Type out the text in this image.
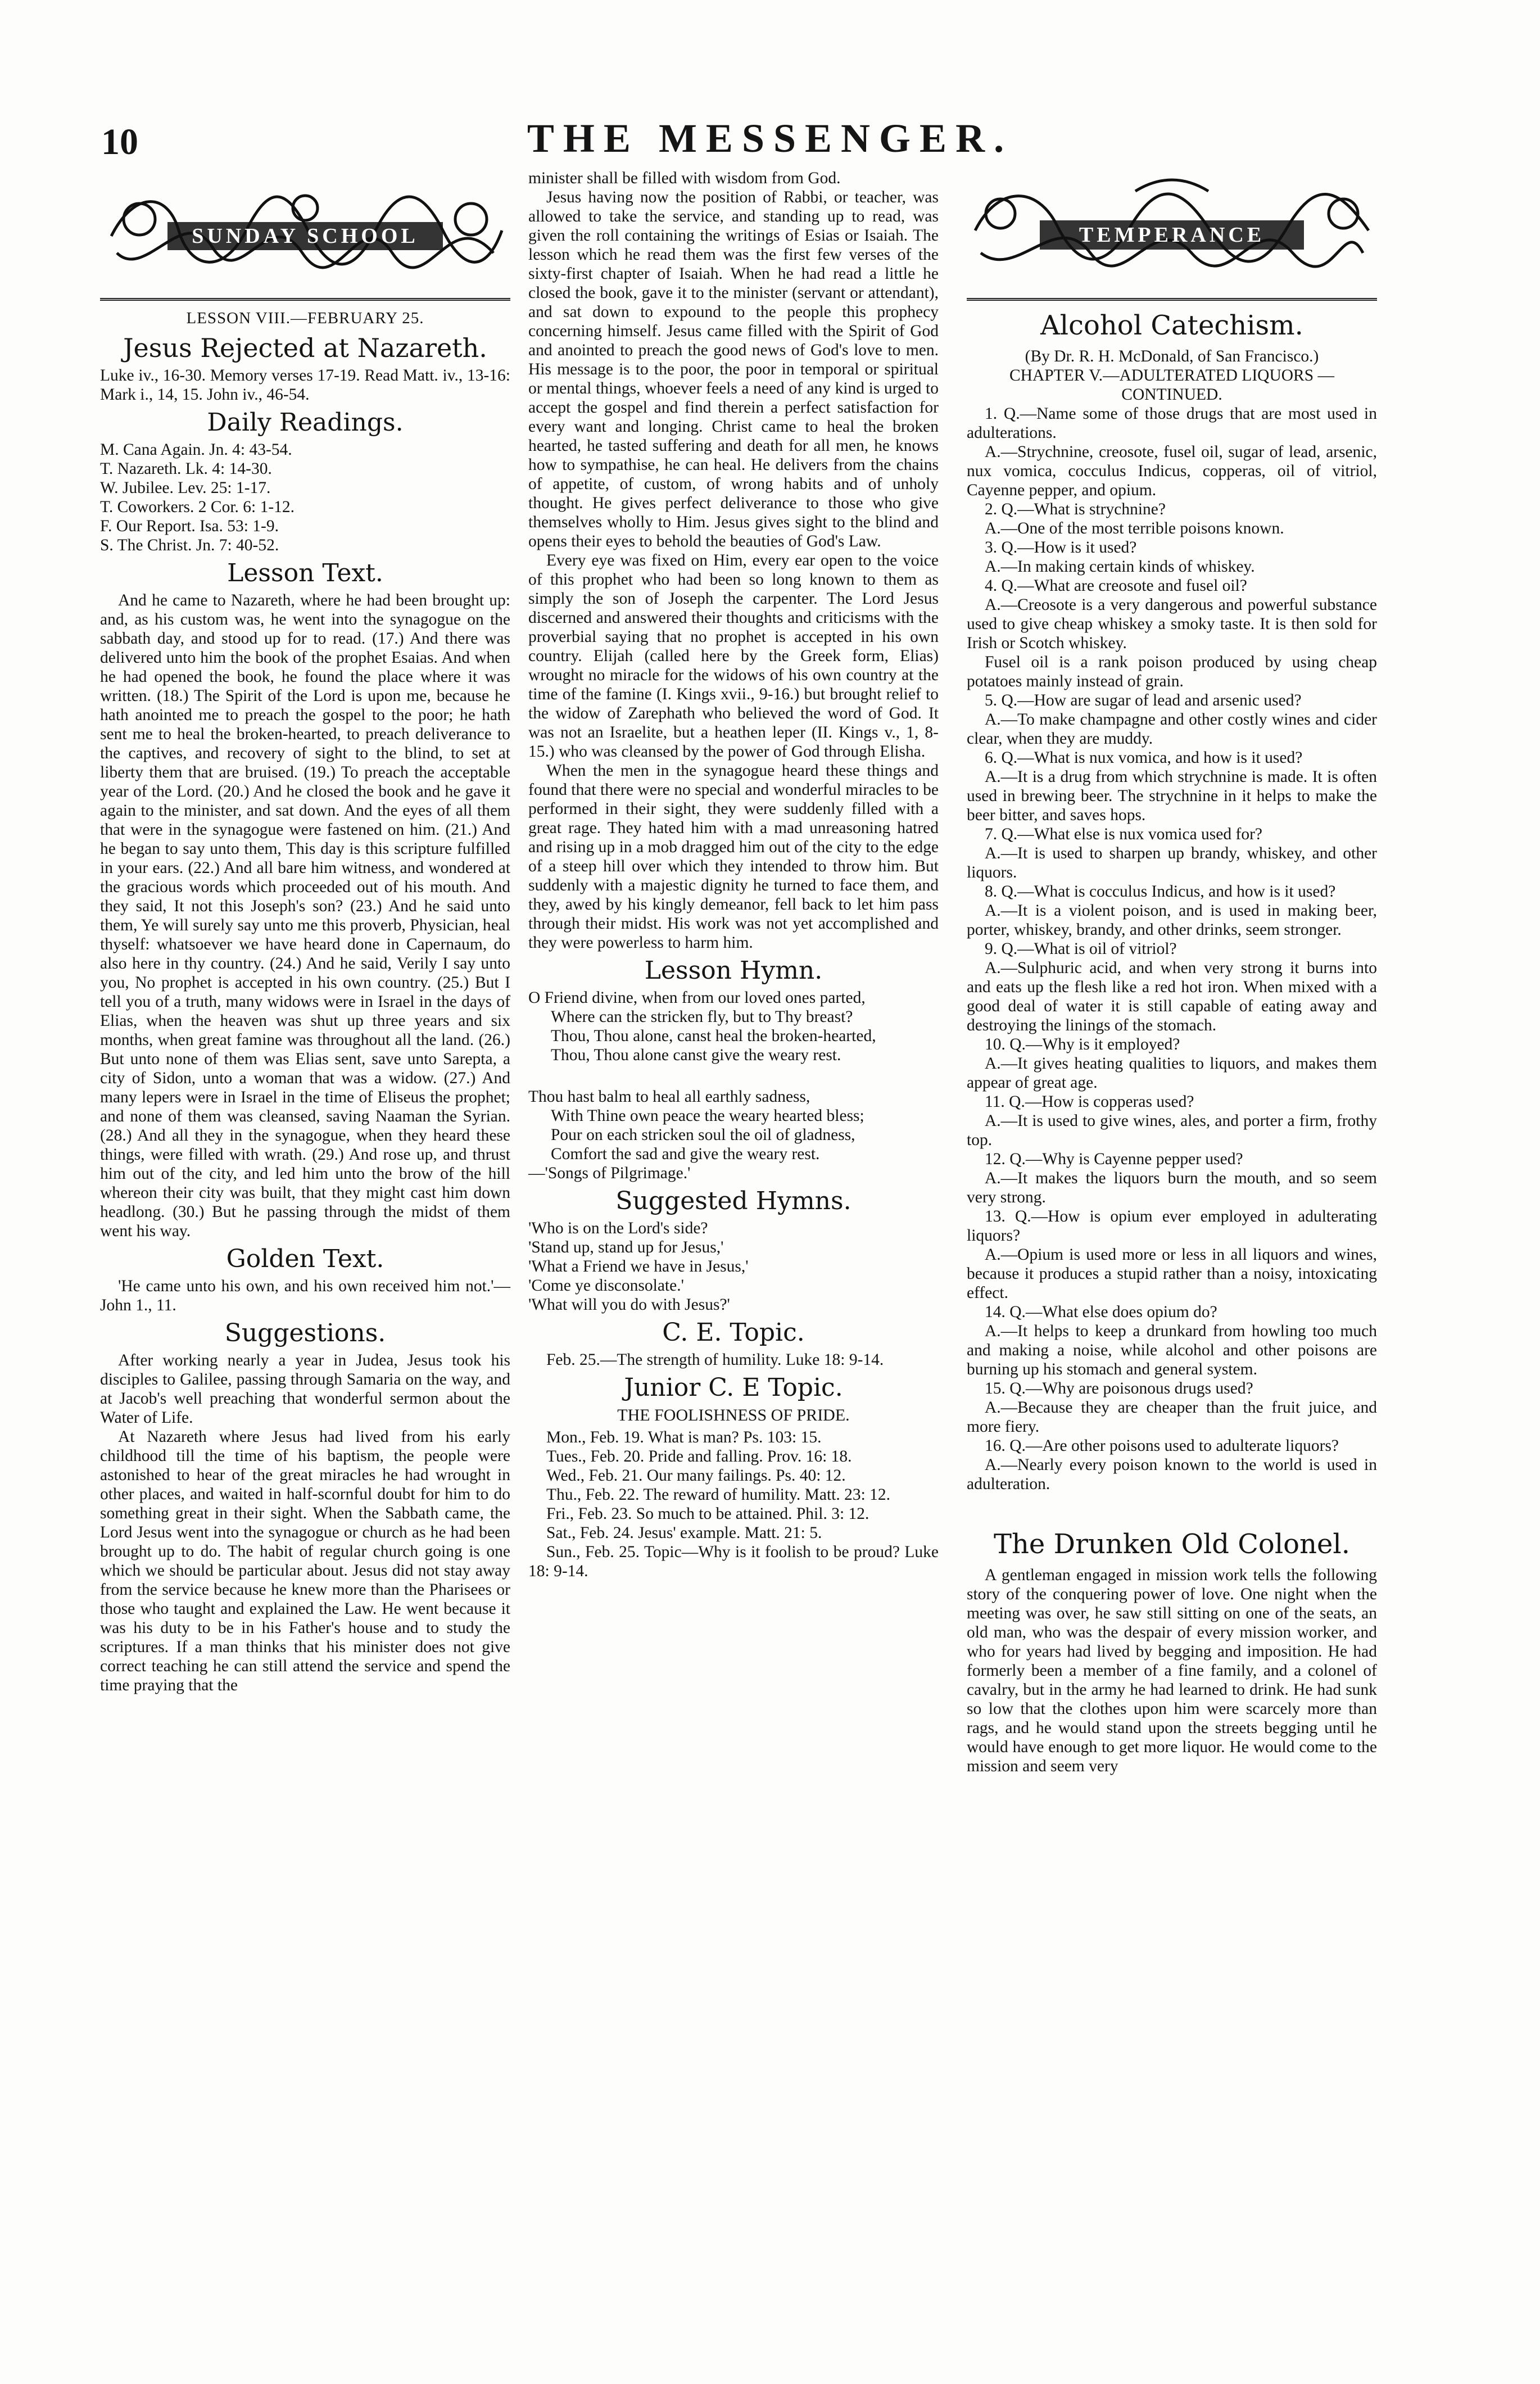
10	THE MESSENGER.
SUNDAY SCHOOL
LESSON VIII.—FEBRUARY 25.
Jesus Rejected at Nazareth.

Luke iv., 16-30. Memory verses 17-19. Read Matt. iv., 13-16: Mark i., 14, 15. John iv., 46-54.

Daily Readings.
M. Cana Again. Jn. 4: 43-54.
T. Nazareth. Lk. 4: 14-30.
W. Jubilee. Lev. 25: 1-17.
T. Coworkers. 2 Cor. 6: 1-12.
F. Our Report. Isa. 53: 1-9.
S. The Christ. Jn. 7: 40-52.
Lesson Text.

And he came to Nazareth, where he had been brought up: and, as his custom was, he went into the synagogue on the sabbath day, and stood up for to read. (17.) And there was delivered unto him the book of the prophet Esaias. And when he had opened the book, he found the place where it was written. (18.) The Spirit of the Lord is upon me, because he hath anointed me to preach the gospel to the poor; he hath sent me to heal the broken-hearted, to preach deliverance to the captives, and recovery of sight to the blind, to set at liberty them that are bruised. (19.) To preach the acceptable year of the Lord. (20.) And he closed the book and he gave it again to the minister, and sat down. And the eyes of all them that were in the synagogue were fastened on him. (21.) And he began to say unto them, This day is this scripture fulfilled in your ears. (22.) And all bare him witness, and wondered at the gracious words which proceeded out of his mouth. And they said, It not this Joseph's son? (23.) And he said unto them, Ye will surely say unto me this proverb, Physician, heal thyself: whatsoever we have heard done in Capernaum, do also here in thy country. (24.) And he said, Verily I say unto you, No prophet is accepted in his own country. (25.) But I tell you of a truth, many widows were in Israel in the days of Elias, when the heaven was shut up three years and six months, when great famine was throughout all the land. (26.) But unto none of them was Elias sent, save unto Sarepta, a city of Sidon, unto a woman that was a widow. (27.) And many lepers were in Israel in the time of Eliseus the prophet; and none of them was cleansed, saving Naaman the Syrian. (28.) And all they in the synagogue, when they heard these things, were filled with wrath. (29.) And rose up, and thrust him out of the city, and led him unto the brow of the hill whereon their city was built, that they might cast him down headlong. (30.) But he passing through the midst of them went his way.

Golden Text.

'He came unto his own, and his own received him not.'—John 1., 11.

Suggestions.

After working nearly a year in Judea, Jesus took his disciples to Galilee, passing through Samaria on the way, and at Jacob's well preaching that wonderful sermon about the Water of Life.

At Nazareth where Jesus had lived from his early childhood till the time of his baptism, the people were astonished to hear of the great miracles he had wrought in other places, and waited in half-scornful doubt for him to do something great in their sight. When the Sabbath came, the Lord Jesus went into the synagogue or church as he had been brought up to do. The habit of regular church going is one which we should be particular about. Jesus did not stay away from the service because he knew more than the Pharisees or those who taught and explained the Law. He went because it was his duty to be in his Father's house and to study the scriptures. If a man thinks that his minister does not give correct teaching he can still attend the service and spend the time praying that the

minister shall be filled with wisdom from God.

Jesus having now the position of Rabbi, or teacher, was allowed to take the service, and standing up to read, was given the roll containing the writings of Esias or Isaiah. The lesson which he read them was the first few verses of the sixty-first chapter of Isaiah. When he had read a little he closed the book, gave it to the minister (servant or attendant), and sat down to expound to the people this prophecy concerning himself. Jesus came filled with the Spirit of God and anointed to preach the good news of God's love to men. His message is to the poor, the poor in temporal or spiritual or mental things, whoever feels a need of any kind is urged to accept the gospel and find therein a perfect satisfaction for every want and longing. Christ came to heal the broken hearted, he tasted suffering and death for all men, he knows how to sympathise, he can heal. He delivers from the chains of appetite, of custom, of wrong habits and of unholy thought. He gives perfect deliverance to those who give themselves wholly to Him. Jesus gives sight to the blind and opens their eyes to behold the beauties of God's Law.

Every eye was fixed on Him, every ear open to the voice of this prophet who had been so long known to them as simply the son of Joseph the carpenter. The Lord Jesus discerned and answered their thoughts and criticisms with the proverbial saying that no prophet is accepted in his own country. Elijah (called here by the Greek form, Elias) wrought no miracle for the widows of his own country at the time of the famine (I. Kings xvii., 9-16.) but brought relief to the widow of Zarephath who believed the word of God. It was not an Israelite, but a heathen leper (II. Kings v., 1, 8-15.) who was cleansed by the power of God through Elisha.

When the men in the synagogue heard these things and found that there were no special and wonderful miracles to be performed in their sight, they were suddenly filled with a great rage. They hated him with a mad unreasoning hatred and rising up in a mob dragged him out of the city to the edge of a steep hill over which they intended to throw him. But suddenly with a majestic dignity he turned to face them, and they, awed by his kingly demeanor, fell back to let him pass through their midst. His work was not yet accomplished and they were powerless to harm him.

Lesson Hymn.

O Friend divine, when from our loved ones parted,

Where can the stricken fly, but to Thy breast?

Thou, Thou alone, canst heal the broken-hearted,

Thou, Thou alone canst give the weary rest.

Thou hast balm to heal all earthly sadness,

With Thine own peace the weary hearted bless;

Pour on each stricken soul the oil of gladness,

Comfort the sad and give the weary rest.

—'Songs of Pilgrimage.'

Suggested Hymns.

'Who is on the Lord's side?

'Stand up, stand up for Jesus,'

'What a Friend we have in Jesus,'

'Come ye disconsolate.'

'What will you do with Jesus?'

C. E. Topic.

Feb. 25.—The strength of humility. Luke 18: 9-14.

Junior C. E Topic.
THE FOOLISHNESS OF PRIDE.

Mon., Feb. 19. What is man? Ps. 103: 15.

Tues., Feb. 20. Pride and falling. Prov. 16: 18.

Wed., Feb. 21. Our many failings. Ps. 40: 12.

Thu., Feb. 22. The reward of humility. Matt. 23: 12.

Fri., Feb. 23. So much to be attained. Phil. 3: 12.

Sat., Feb. 24. Jesus' example. Matt. 21: 5.

Sun., Feb. 25. Topic—Why is it foolish to be proud? Luke 18: 9-14.

TEMPERANCE
Alcohol Catechism.

(By Dr. R. H. McDonald, of San Francisco.)

CHAPTER V.—ADULTERATED LIQUORS —CONTINUED.

1. Q.—Name some of those drugs that are most used in adulterations.

A.—Strychnine, creosote, fusel oil, sugar of lead, arsenic, nux vomica, cocculus Indicus, copperas, oil of vitriol, Cayenne pepper, and opium.

2. Q.—What is strychnine?

A.—One of the most terrible poisons known.

3. Q.—How is it used?

A.—In making certain kinds of whiskey.

4. Q.—What are creosote and fusel oil?

A.—Creosote is a very dangerous and powerful substance used to give cheap whiskey a smoky taste. It is then sold for Irish or Scotch whiskey.

Fusel oil is a rank poison produced by using cheap potatoes mainly instead of grain.

5. Q.—How are sugar of lead and arsenic used?

A.—To make champagne and other costly wines and cider clear, when they are muddy.

6. Q.—What is nux vomica, and how is it used?

A.—It is a drug from which strychnine is made. It is often used in brewing beer. The strychnine in it helps to make the beer bitter, and saves hops.

7. Q.—What else is nux vomica used for?

A.—It is used to sharpen up brandy, whiskey, and other liquors.

8. Q.—What is cocculus Indicus, and how is it used?

A.—It is a violent poison, and is used in making beer, porter, whiskey, brandy, and other drinks, seem stronger.

9. Q.—What is oil of vitriol?

A.—Sulphuric acid, and when very strong it burns into and eats up the flesh like a red hot iron. When mixed with a good deal of water it is still capable of eating away and destroying the linings of the stomach.

10. Q.—Why is it employed?

A.—It gives heating qualities to liquors, and makes them appear of great age.

11. Q.—How is copperas used?

A.—It is used to give wines, ales, and porter a firm, frothy top.

12. Q.—Why is Cayenne pepper used?

A.—It makes the liquors burn the mouth, and so seem very strong.

13. Q.—How is opium ever employed in adulterating liquors?

A.—Opium is used more or less in all liquors and wines, because it produces a stupid rather than a noisy, intoxicating effect.

14. Q.—What else does opium do?

A.—It helps to keep a drunkard from howling too much and making a noise, while alcohol and other poisons are burning up his stomach and general system.

15. Q.—Why are poisonous drugs used?

A.—Because they are cheaper than the fruit juice, and more fiery.

16. Q.—Are other poisons used to adulterate liquors?

A.—Nearly every poison known to the world is used in adulteration.

The Drunken Old Colonel.

A gentleman engaged in mission work tells the following story of the conquering power of love. One night when the meeting was over, he saw still sitting on one of the seats, an old man, who was the despair of every mission worker, and who for years had lived by begging and imposition. He had formerly been a member of a fine family, and a colonel of cavalry, but in the army he had learned to drink. He had sunk so low that the clothes upon him were scarcely more than rags, and he would stand upon the streets begging until he would have enough to get more liquor. He would come to the mission and seem very
